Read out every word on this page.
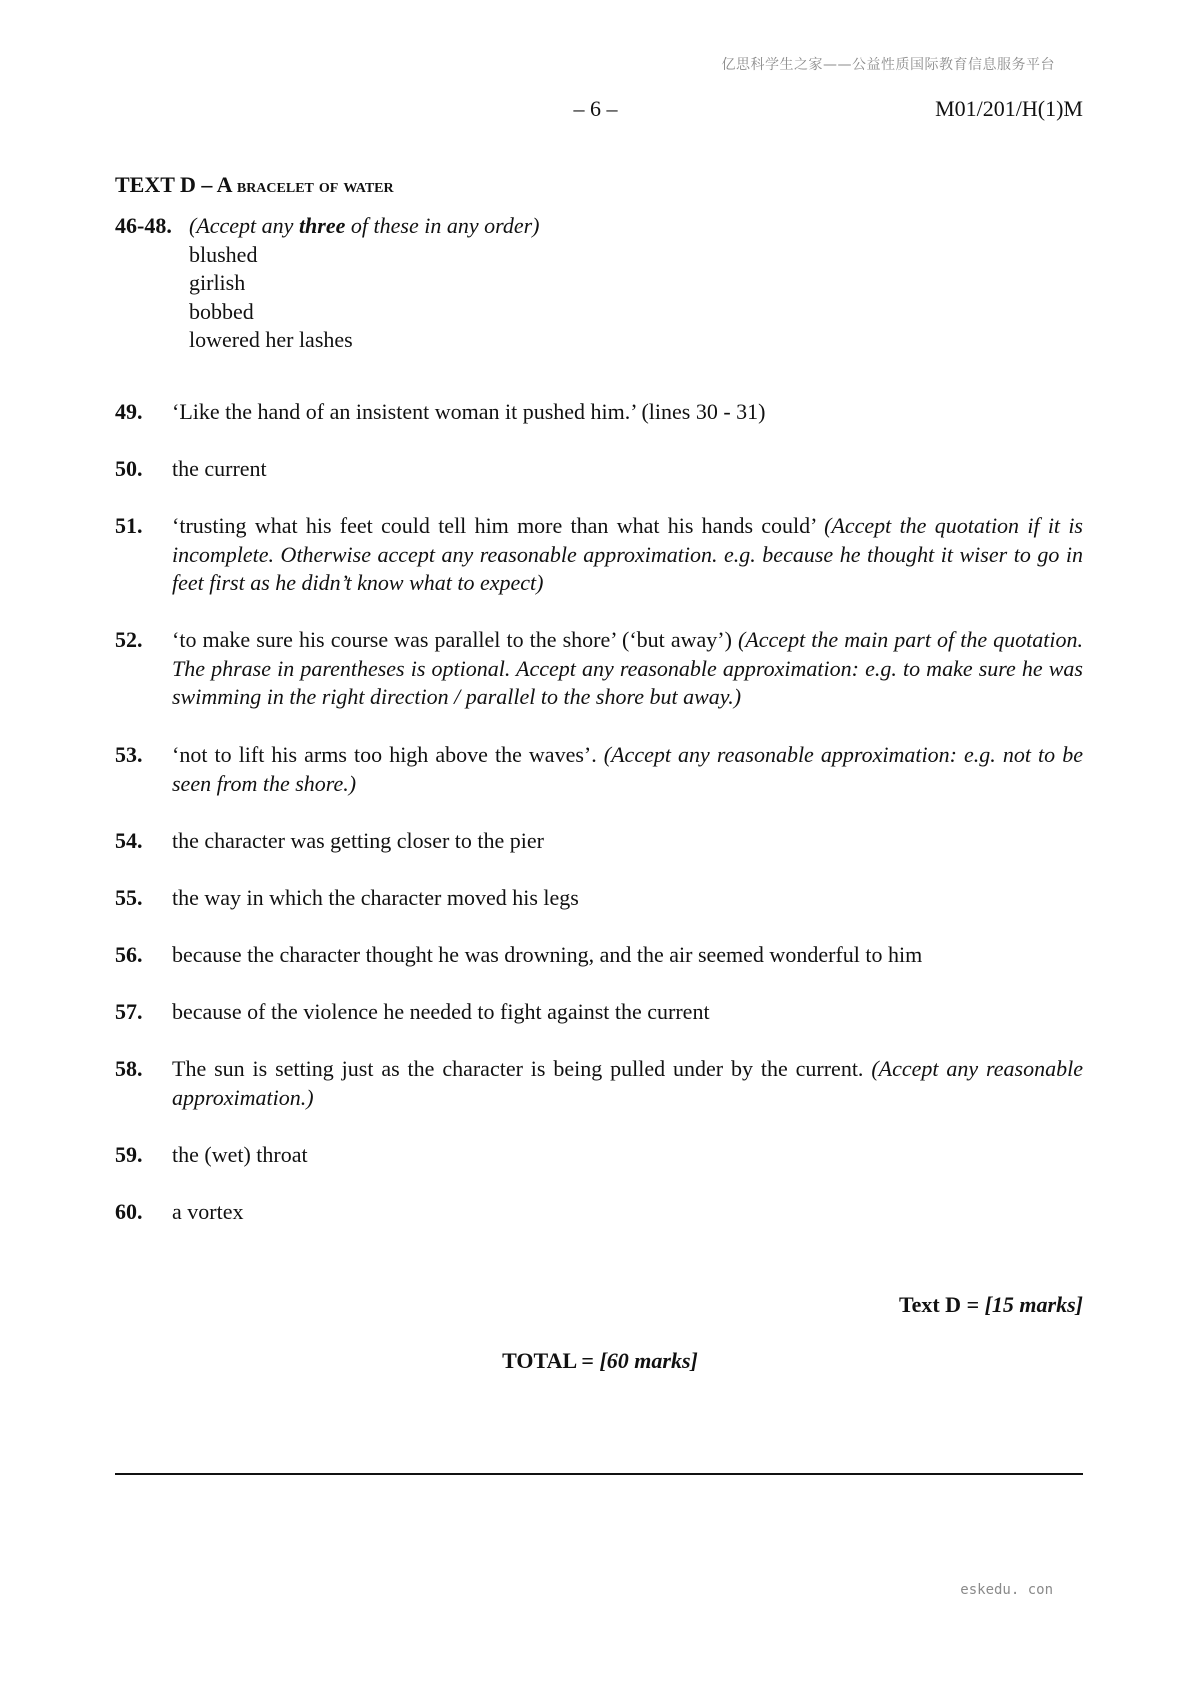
亿思科学生之家——公益性质国际教育信息服务平台
– 6 –	M01/201/H(1)M
TEXT D – A bracelet of water
46-48. (Accept any three of these in any order)
blushed
girlish
bobbed
lowered her lashes
49. ‘Like the hand of an insistent woman it pushed him.’ (lines 30 - 31)
50. the current
51. ‘trusting what his feet could tell him more than what his hands could’ (Accept the quotation if it is incomplete. Otherwise accept any reasonable approximation. e.g. because he thought it wiser to go in feet first as he didn’t know what to expect)
52. ‘to make sure his course was parallel to the shore’ (‘but away’) (Accept the main part of the quotation. The phrase in parentheses is optional. Accept any reasonable approximation: e.g. to make sure he was swimming in the right direction / parallel to the shore but away.)
53. ‘not to lift his arms too high above the waves’. (Accept any reasonable approximation: e.g. not to be seen from the shore.)
54. the character was getting closer to the pier
55. the way in which the character moved his legs
56. because the character thought he was drowning, and the air seemed wonderful to him
57. because of the violence he needed to fight against the current
58. The sun is setting just as the character is being pulled under by the current. (Accept any reasonable approximation.)
59. the (wet) throat
60. a vortex
Text D = [15 marks]
TOTAL = [60 marks]
eskedu. con
